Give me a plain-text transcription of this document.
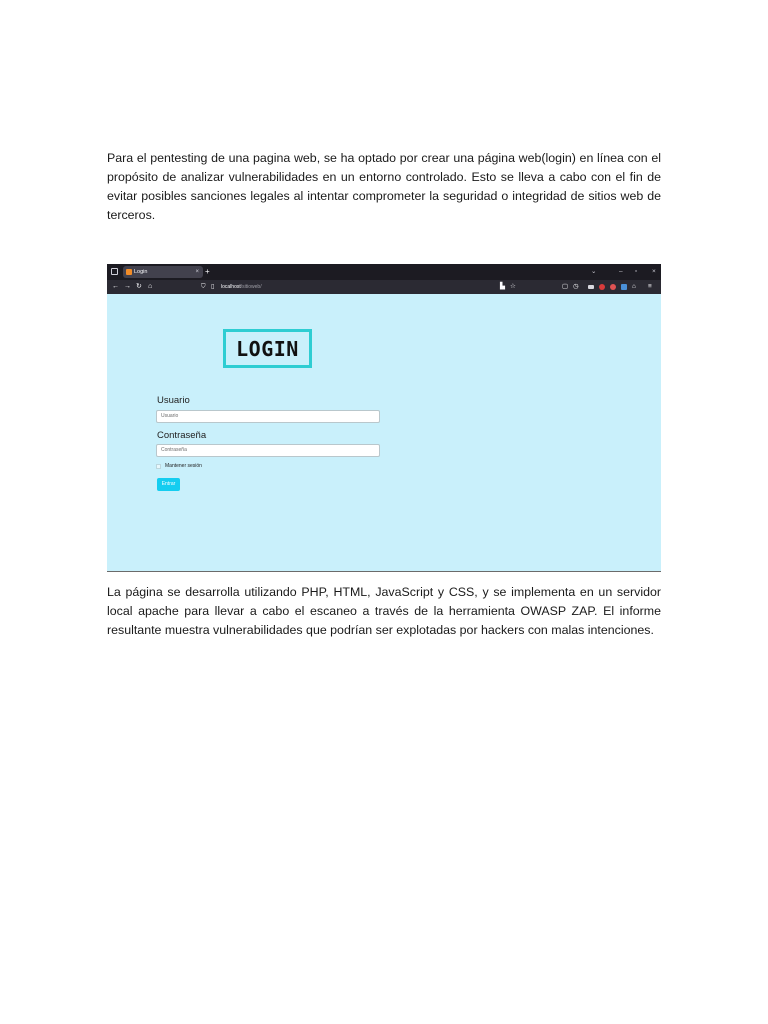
Para el pentesting de una pagina web, se ha optado por crear una página web(login) en línea con el propósito de analizar vulnerabilidades en un entorno controlado. Esto se lleva a cabo con el fin de evitar posibles sanciones legales al intentar comprometer la seguridad o integridad de sitios web de terceros.

Login	× +	⌄	– ▫ ×
← → ↻ ⌂	⛉ ▯ localhost/sitioweb/	▙ ☆	▢ ◷	⌂ ≡
LOGIN
Usuario
Usuario
Contraseña
Contraseña
Mantener sesión
Entrar

La página se desarrolla utilizando PHP, HTML, JavaScript y CSS, y se implementa en un servidor local apache para llevar a cabo el escaneo a través de la herramienta OWASP ZAP. El informe resultante muestra vulnerabilidades que podrían ser explotadas por hackers con malas intenciones.
